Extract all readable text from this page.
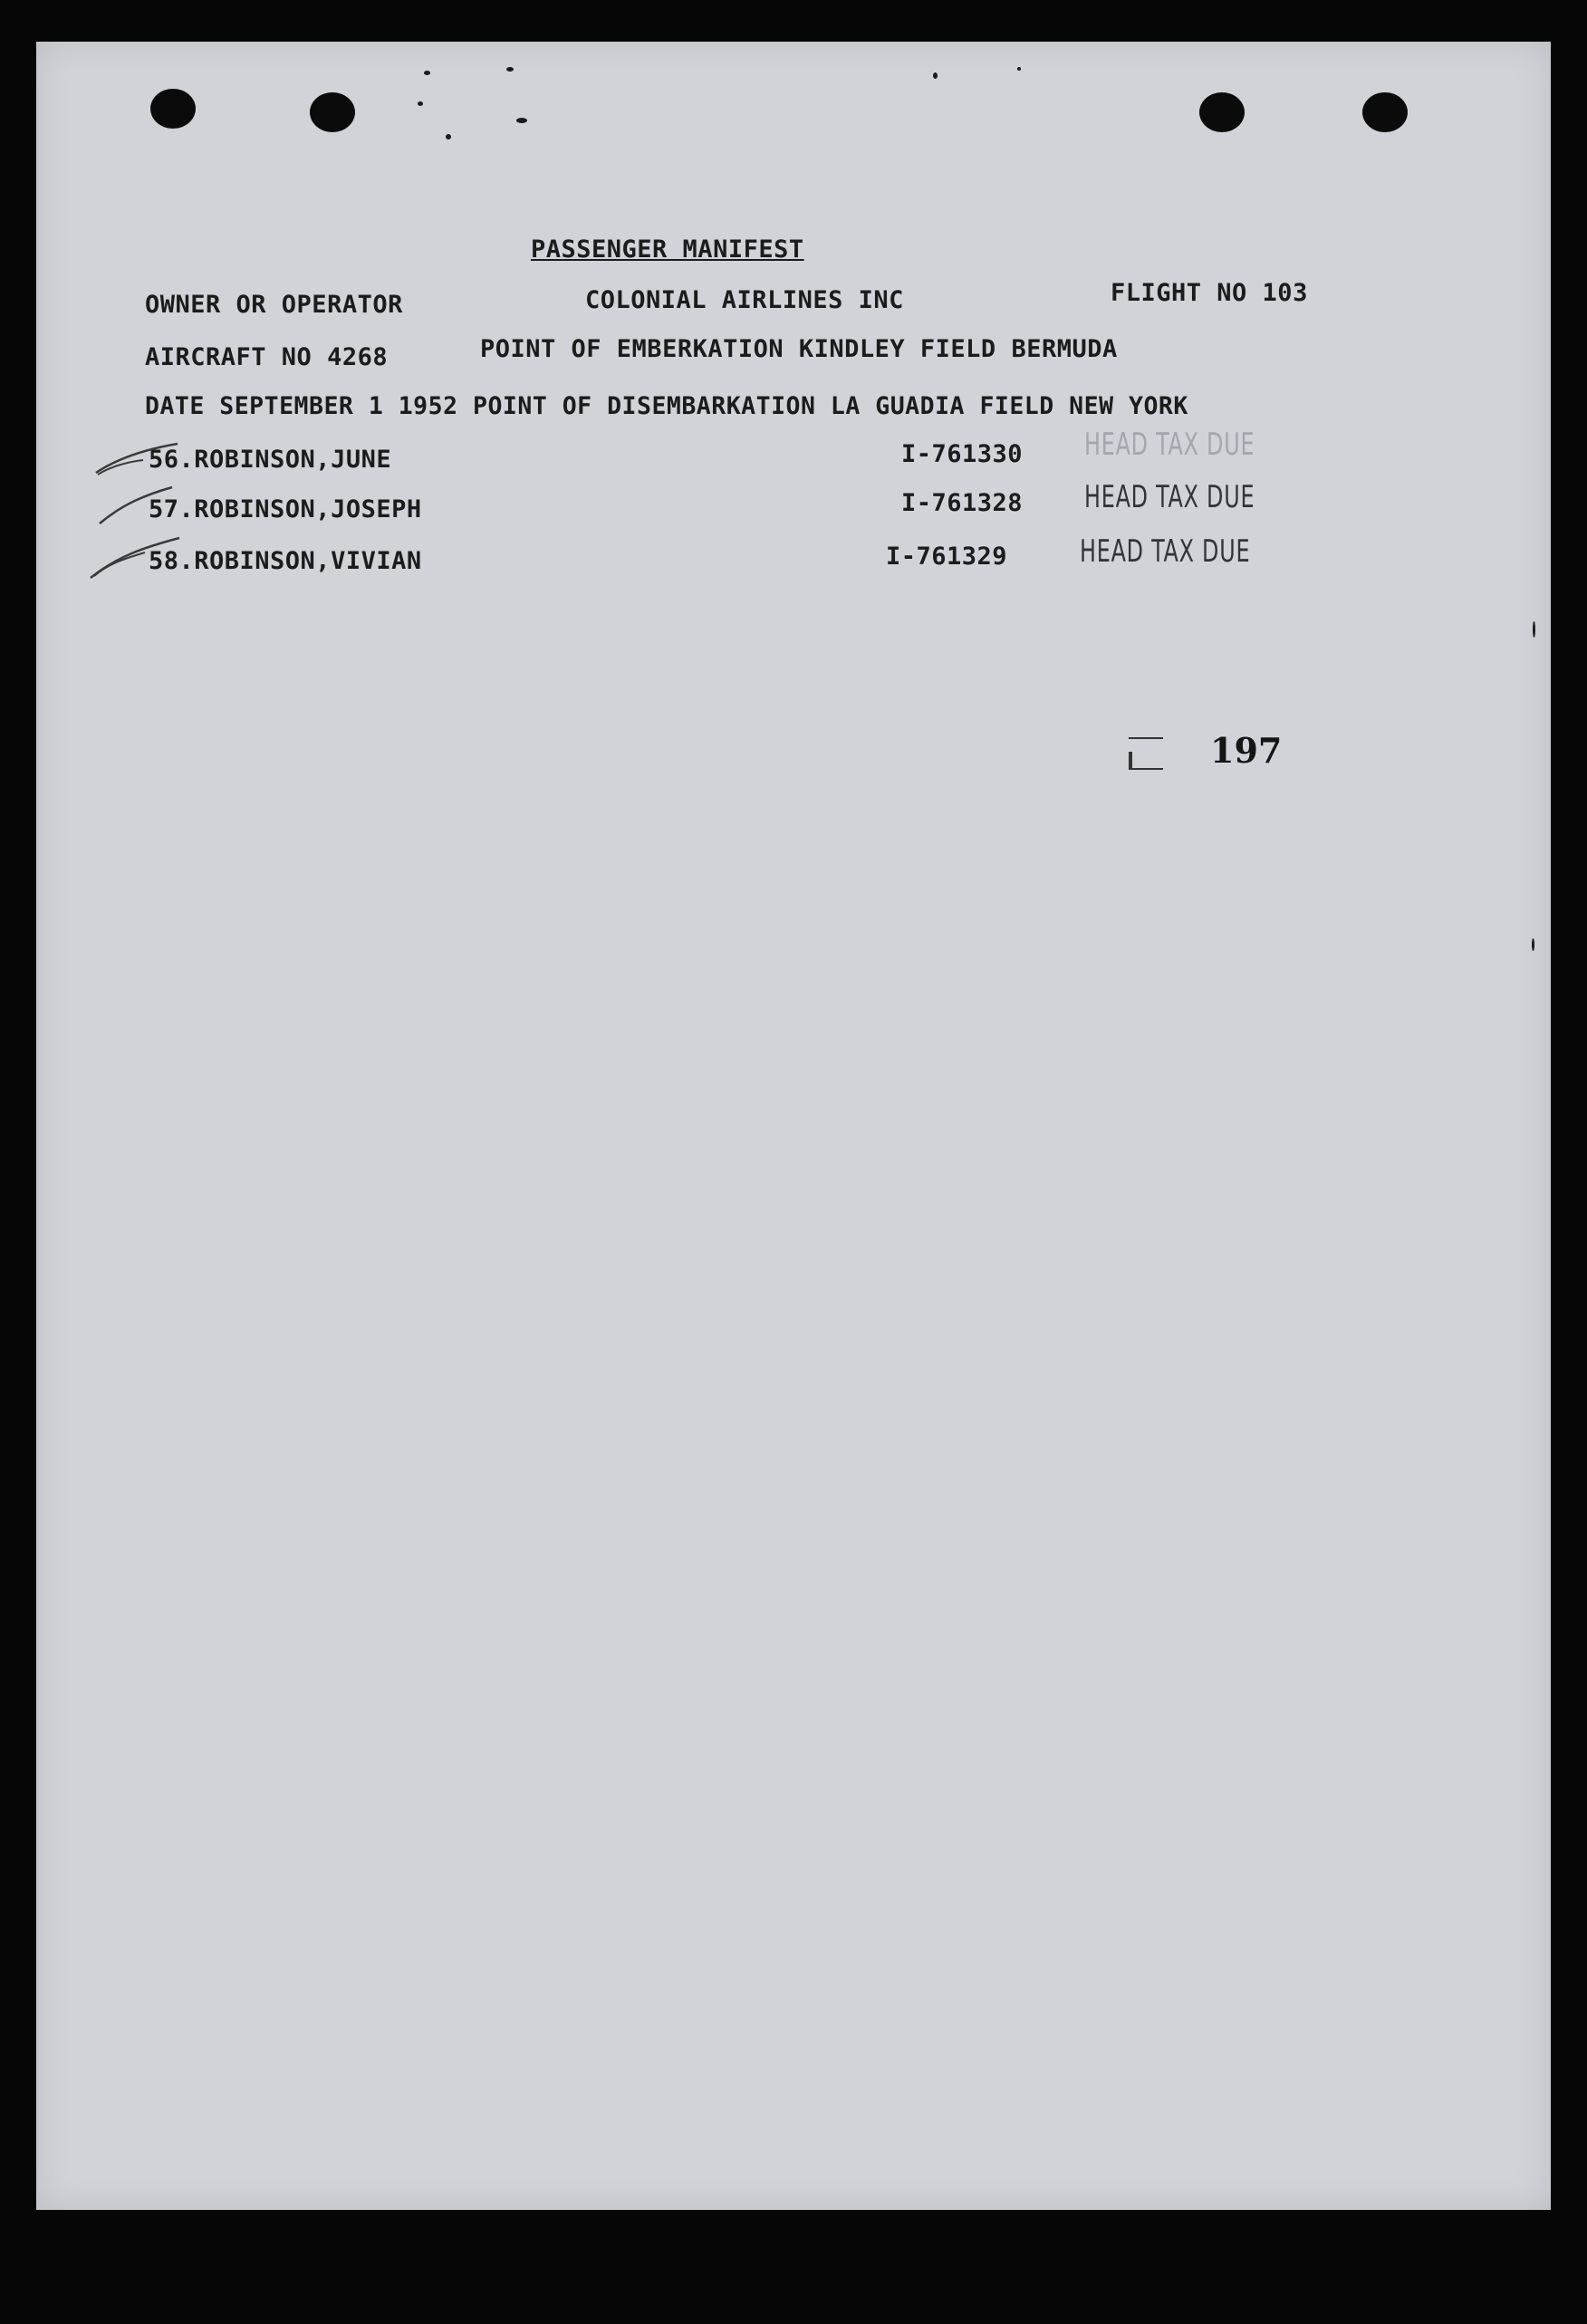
PASSENGER MANIFEST
OWNER OR OPERATOR	COLONIAL AIRLINES INC	FLIGHT NO 103
AIRCRAFT NO 4268	POINT OF EMBERKATION KINDLEY FIELD BERMUDA
DATE SEPTEMBER 1 1952 POINT OF DISEMBARKATION LA GUADIA FIELD NEW YORK
56.ROBINSON,JUNE	I-761330 HEAD TAX DUE
57.ROBINSON,JOSEPH	I-761328 HEAD TAX DUE
58.ROBINSON,VIVIAN	I-761329 HEAD TAX DUE
197
